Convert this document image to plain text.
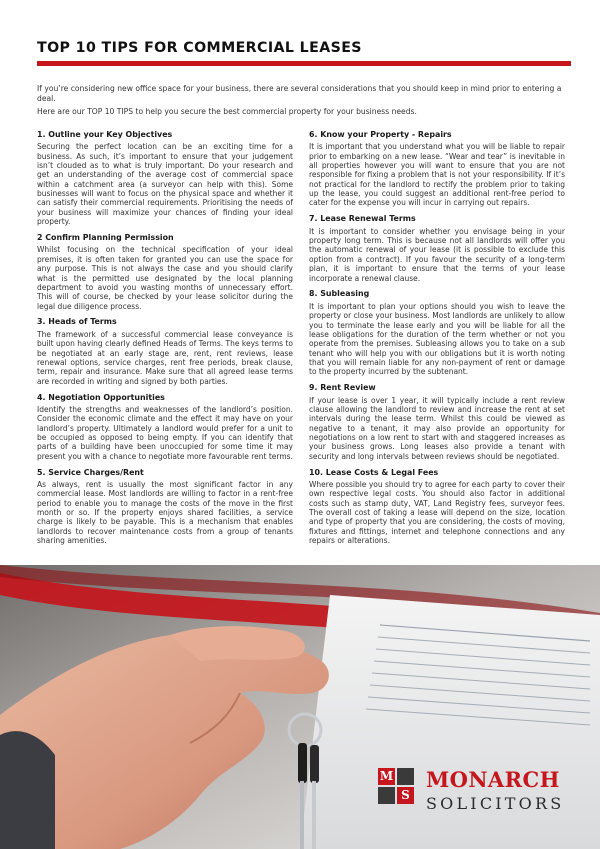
TOP 10 TIPS FOR COMMERCIAL LEASES

If you’re considering new office space for your business, there are several considerations that you should keep in mind prior to entering a deal.

Here are our TOP 10 TIPS to help you secure the best commercial property for your business needs.

1. Outline your Key Objectives

Securing the perfect location can be an exciting time for a business. As such, it’s important to ensure that your judgement isn’t clouded as to what is truly important. Do your research and get an understanding of the average cost of commercial space within a catchment area (a surveyor can help with this). Some businesses will want to focus on the physical space and whether it can satisfy their commercial requirements. Prioritising the needs of your business will maximize your chances of finding your ideal property.

2 Confirm Planning Permission

Whilst focusing on the technical specification of your ideal premises, it is often taken for granted you can use the space for any purpose. This is not always the case and you should clarify what is the permitted use designated by the local planning department to avoid you wasting months of unnecessary effort. This will of course, be checked by your lease solicitor during the legal due diligence process.

3. Heads of Terms

The framework of a successful commercial lease conveyance is built upon having clearly defined Heads of Terms. The keys terms to be negotiated at an early stage are, rent, rent reviews, lease renewal options, service charges, rent free periods, break clause, term, repair and insurance. Make sure that all agreed lease terms are recorded in writing and signed by both parties.

4. Negotiation Opportunities

Identify the strengths and weaknesses of the landlord’s position. Consider the economic climate and the effect it may have on your landlord’s property. Ultimately a landlord would prefer for a unit to be occupied as opposed to being empty. If you can identify that parts of a building have been unoccupied for some time it may present you with a chance to negotiate more favourable rent terms.

5. Service Charges/Rent

As always, rent is usually the most significant factor in any commercial lease. Most landlords are willing to factor in a rent-free period to enable you to manage the costs of the move in the first month or so. If the property enjoys shared facilities, a service charge is likely to be payable. This is a mechanism that enables landlords to recover maintenance costs from a group of tenants sharing amenities.

6. Know your Property - Repairs

It is important that you understand what you will be liable to repair prior to embarking on a new lease. “Wear and tear” is inevitable in all properties however you will want to ensure that you are not responsible for fixing a problem that is not your responsibility. If it’s not practical for the landlord to rectify the problem prior to taking up the lease, you could suggest an additional rent-free period to cater for the expense you will incur in carrying out repairs.

7. Lease Renewal Terms

It is important to consider whether you envisage being in your property long term. This is because not all landlords will offer you the automatic renewal of your lease (it is possible to exclude this option from a contract). If you favour the security of a long-term plan, it is important to ensure that the terms of your lease incorporate a renewal clause.

8. Subleasing

It is important to plan your options should you wish to leave the property or close your business. Most landlords are unlikely to allow you to terminate the lease early and you will be liable for all the lease obligations for the duration of the term whether or not you operate from the premises. Subleasing allows you to take on a sub tenant who will help you with our obligations but it is worth noting that you will remain liable for any non-payment of rent or damage to the property incurred by the subtenant.

9. Rent Review

If your lease is over 1 year, it will typically include a rent review clause allowing the landlord to review and increase the rent at set intervals during the lease term. Whilst this could be viewed as negative to a tenant, it may also provide an opportunity for negotiations on a low rent to start with and staggered increases as your business grows. Long leases also provide a tenant with security and long intervals between reviews should be negotiated.

10. Lease Costs & Legal Fees

Where possible you should try to agree for each party to cover their own respective legal costs. You should also factor in additional costs such as stamp duty, VAT, Land Registry fees, surveyor fees. The overall cost of taking a lease will depend on the size, location and type of property that you are considering, the costs of moving, fixtures and fittings, internet and telephone connections and any repairs or alterations.

M
S
MONARCH
SOLICITORS
